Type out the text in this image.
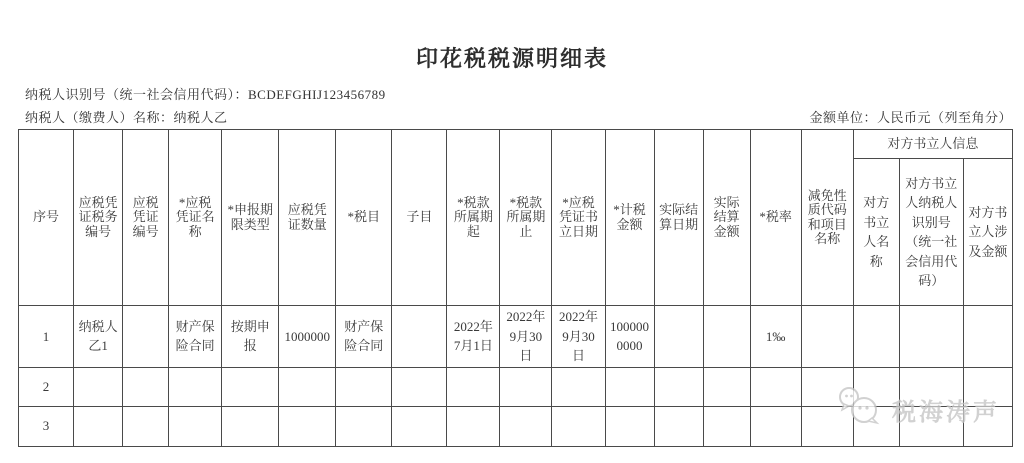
印花税税源明细表
纳税人识别号（统一社会信用代码）：BCDEFGHIJ123456789
纳税人（缴费人）名称：纳税人乙	金额单位：人民币元（列至角分）
序号	应税凭证税务编号	应税凭证编号	*应税凭证名称	*申报期限类型	应税凭证数量	*税目	子目	*税款所属期起	*税款所属期止	*应税凭证书立日期	*计税金额	实际结算日期	实际结算金额	*税率	减免性质代码和项目名称	对方书立人信息		
																对方书立人名称	对方书立人纳税人识别号（统一社会信用代码）	对方书立人涉及金额
1	纳税人乙1		财产保险合同	按期申报	1000000	财产保险合同		2022年7月1日	2022年9月30日	2022年9月30日	1000000000			1‰				
2																		
3																		
税海涛声
